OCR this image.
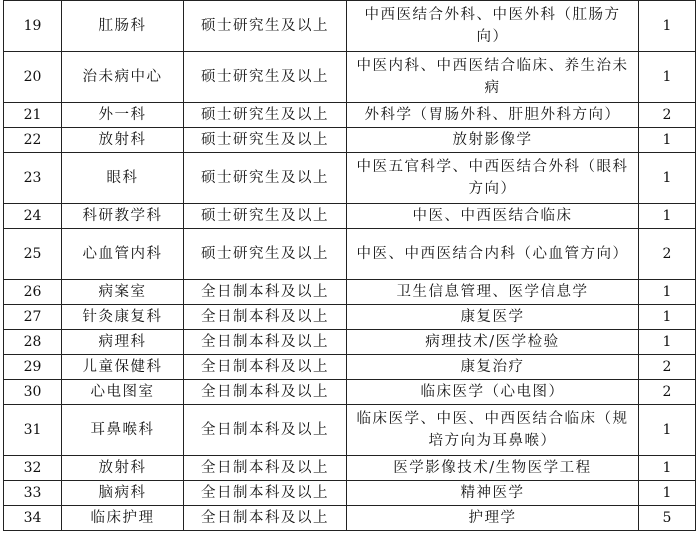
19	肛肠科	硕士研究生及以上	中西医结合外科、中医外科（肛肠方向）	1
20	治未病中心	硕士研究生及以上	中医内科、中西医结合临床、养生治未病	1
21	外一科	硕士研究生及以上	外科学（胃肠外科、肝胆外科方向）	2
22	放射科	硕士研究生及以上	放射影像学	1
23	眼科	硕士研究生及以上	中医五官科学、中西医结合外科（眼科方向）	1
24	科研教学科	硕士研究生及以上	中医、中西医结合临床	1
25	心血管内科	硕士研究生及以上	中医、中西医结合内科（心血管方向）	2
26	病案室	全日制本科及以上	卫生信息管理、医学信息学	1
27	针灸康复科	全日制本科及以上	康复医学	1
28	病理科	全日制本科及以上	病理技术/医学检验	1
29	儿童保健科	全日制本科及以上	康复治疗	2
30	心电图室	全日制本科及以上	临床医学（心电图）	2
31	耳鼻喉科	全日制本科及以上	临床医学、中医、中西医结合临床（规培方向为耳鼻喉）	1
32	放射科	全日制本科及以上	医学影像技术/生物医学工程	1
33	脑病科	全日制本科及以上	精神医学	1
34	临床护理	全日制本科及以上	护理学	5
